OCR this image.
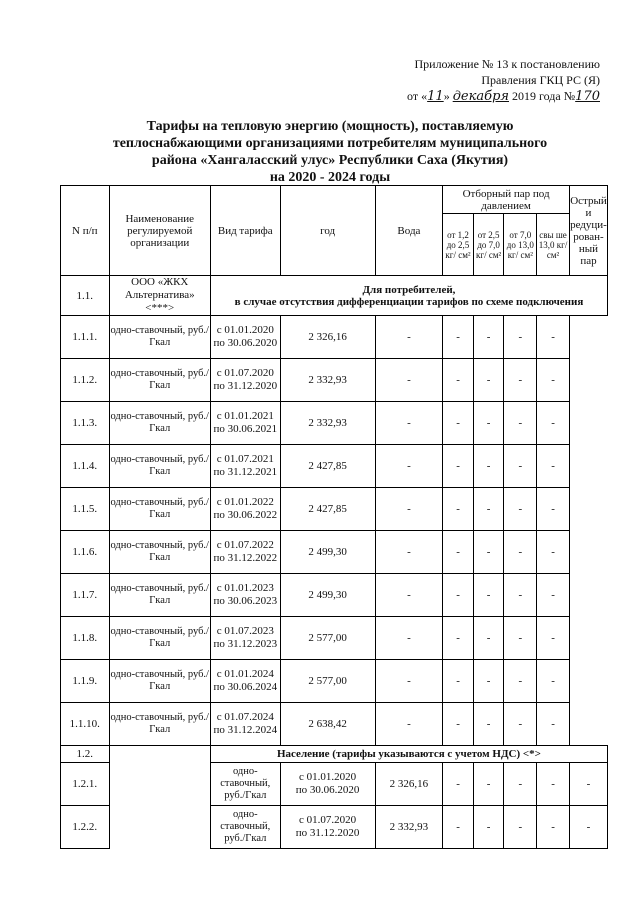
Приложение № 13 к постановлению
Правления ГКЦ РС (Я)
от «11» декабря 2019 года №170
Тарифы на тепловую энергию (мощность), поставляемую
теплоснабжающими организациями потребителям муниципального
района «Хангаласский улус» Республики Саха (Якутия)
на 2020 - 2024 годы
N п/п	Наименование регулируемой организации	Вид тарифа	год	Вода	Отборный пар под давлением				Острый и редуци-рован-ный пар
					от 1,2 до 2,5 кг/ см²	от 2,5 до 7,0 кг/ см²	от 7,0 до 13,0 кг/ см²	свы ше 13,0 кг/ см²	
1.1.	ООО «ЖКХ Альтернатива» <***>	Для потребителей,
в случае отсутствия дифференциации тарифов по схеме подключения							

1.1.1.	одно-ставочный, руб./Гкал	с 01.01.2020
по 30.06.2020	2 326,16	-	-	-	-	-	
1.1.2.	одно-ставочный, руб./Гкал	с 01.07.2020
по 31.12.2020	2 332,93	-	-	-	-	-	
1.1.3.	одно-ставочный, руб./Гкал	с 01.01.2021
по 30.06.2021	2 332,93	-	-	-	-	-	
1.1.4.	одно-ставочный, руб./Гкал	с 01.07.2021
по 31.12.2021	2 427,85	-	-	-	-	-	
1.1.5.	одно-ставочный, руб./Гкал	с 01.01.2022
по 30.06.2022	2 427,85	-	-	-	-	-	
1.1.6.	одно-ставочный, руб./Гкал	с 01.07.2022
по 31.12.2022	2 499,30	-	-	-	-	-	
1.1.7.	одно-ставочный, руб./Гкал	с 01.01.2023
по 30.06.2023	2 499,30	-	-	-	-	-	
1.1.8.	одно-ставочный, руб./Гкал	с 01.07.2023
по 31.12.2023	2 577,00	-	-	-	-	-	
1.1.9.	одно-ставочный, руб./Гкал	с 01.01.2024
по 30.06.2024	2 577,00	-	-	-	-	-	
1.1.10.	одно-ставочный, руб./Гкал	с 01.07.2024
по 31.12.2024	2 638,42	-	-	-	-	-	
1.2.		Население (тарифы указываются с учетом НДС) <*>							
1.2.1.		одно-ставочный, руб./Гкал	с 01.01.2020
по 30.06.2020	2 326,16	-	-	-	-	-
1.2.2.		одно-ставочный, руб./Гкал	с 01.07.2020
по 31.12.2020	2 332,93	-	-	-	-	-
